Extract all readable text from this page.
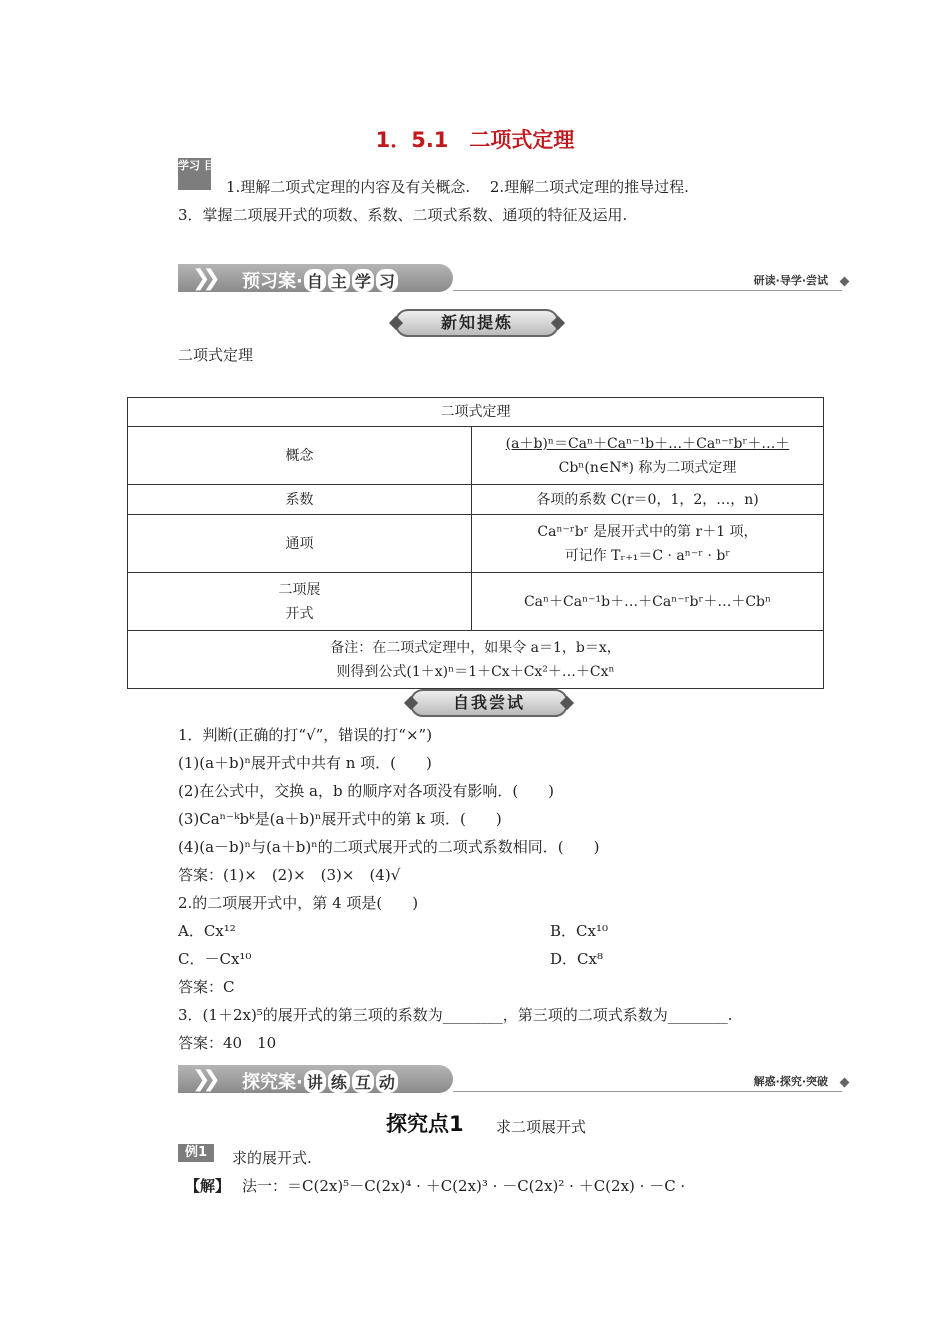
1．5.1　二项式定理
学习 目标
1.理解二项式定理的内容及有关概念.　 2.理解二项式定理的推导过程.
3．掌握二项展开式的项数、系数、二项式系数、通项的特征及运用.
❯❯ 预习案· 自 主 学 习	研读·导学·尝试
新知提炼
二项式定理
二项式定理	
概念	(a＋b)ⁿ＝Caⁿ＋Caⁿ⁻¹b＋…＋Caⁿ⁻ʳbʳ＋…＋
Cbⁿ(n∈N*) 称为二项式定理

系数	各项的系数 C(r＝0，1，2，…，n)
通项	Caⁿ⁻ʳbʳ 是展开式中的第 r＋1 项，
可记作 Tᵣ₊₁＝C · aⁿ⁻ʳ · bʳ

二项展 开式	Caⁿ＋Caⁿ⁻¹b＋…＋Caⁿ⁻ʳbʳ＋…＋Cbⁿ

备注：在二项式定理中，如果令 a＝1，b＝x，
则得到公式(1＋x)ⁿ＝1＋Cx＋Cx²＋…＋Cxⁿ	
自我尝试
1．判断(正确的打“√”，错误的打“×”)
(1)(a＋b)ⁿ展开式中共有 n 项．(　　)
(2)在公式中，交换 a，b 的顺序对各项没有影响．(　　)
(3)Caⁿ⁻ᵏbᵏ是(a＋b)ⁿ展开式中的第 k 项．(　　)
(4)(a－b)ⁿ与(a＋b)ⁿ的二项式展开式的二项式系数相同．(　　)
答案：(1)×　(2)×　(3)×　(4)√
2.的二项展开式中，第 4 项是(　　)
A．Cx¹²	B．Cx¹⁰
C．－Cx¹⁰	D．Cx⁸
答案：C
3．(1＋2x)⁵的展开式的第三项的系数为________，第三项的二项式系数为________.
答案：40　10
❯❯ 探究案· 讲 练 互 动	解惑·探究·突破
探究点1 求二项展开式
例1	求的展开式.
【解】 法一：＝C(2x)⁵－C(2x)⁴ · ＋C(2x)³ · －C(2x)² · ＋C(2x) · －C ·
